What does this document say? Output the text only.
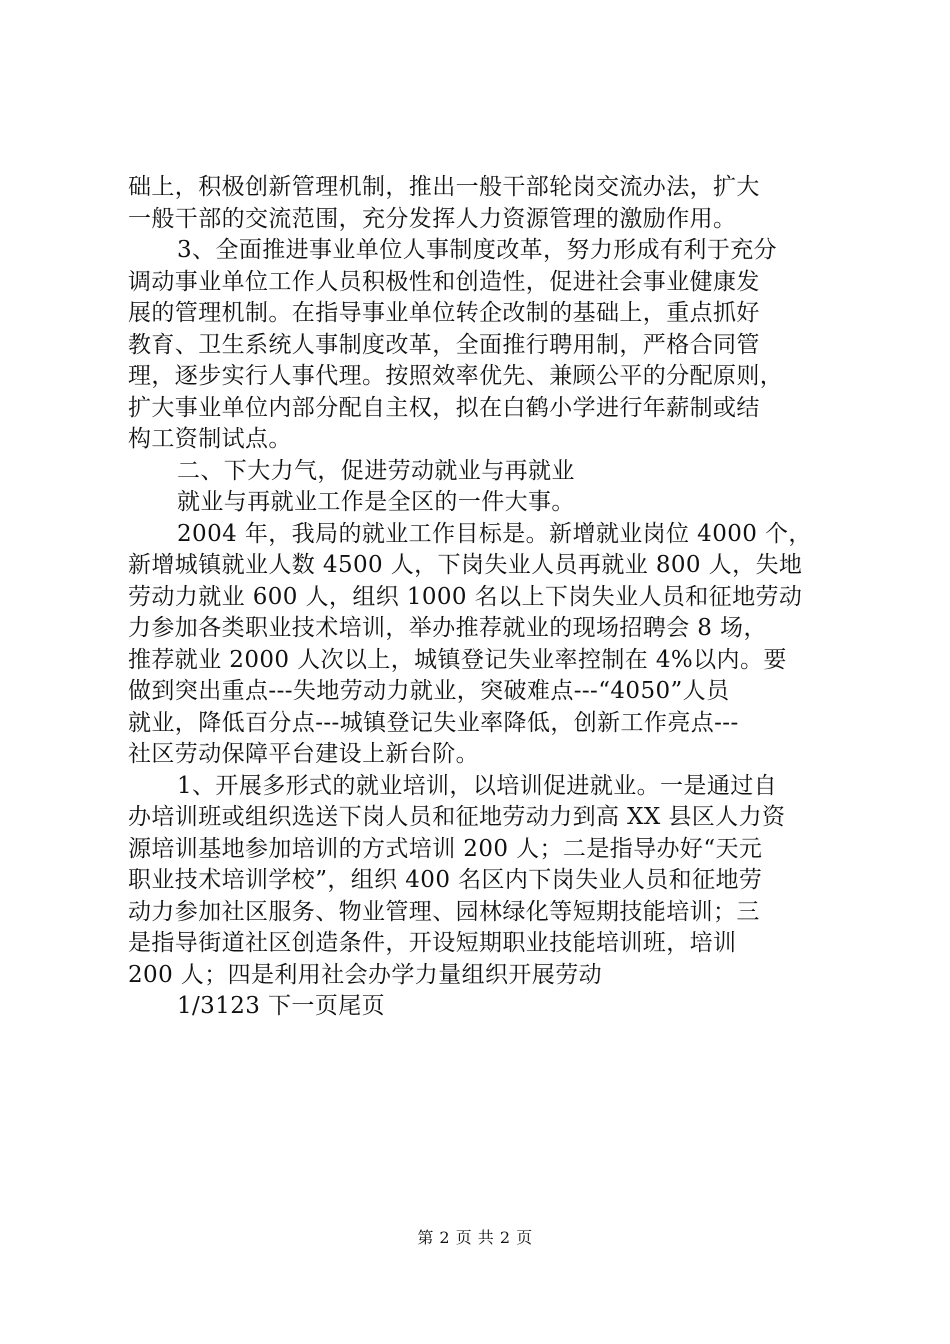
础上，积极创新管理机制，推出一般干部轮岗交流办法，扩大
一般干部的交流范围，充分发挥人力资源管理的激励作用。
3、全面推进事业单位人事制度改革，努力形成有利于充分
调动事业单位工作人员积极性和创造性，促进社会事业健康发
展的管理机制。在指导事业单位转企改制的基础上，重点抓好
教育、卫生系统人事制度改革，全面推行聘用制，严格合同管
理，逐步实行人事代理。按照效率优先、兼顾公平的分配原则，
扩大事业单位内部分配自主权，拟在白鹤小学进行年薪制或结
构工资制试点。
二、下大力气，促进劳动就业与再就业
就业与再就业工作是全区的一件大事。
2004 年，我局的就业工作目标是。新增就业岗位 4000 个，
新增城镇就业人数 4500 人，下岗失业人员再就业 800 人，失地
劳动力就业 600 人，组织 1000 名以上下岗失业人员和征地劳动
力参加各类职业技术培训，举办推荐就业的现场招聘会 8 场，
推荐就业 2000 人次以上，城镇登记失业率控制在 4%以内。要
做到突出重点---失地劳动力就业，突破难点---“4050”人员
就业，降低百分点---城镇登记失业率降低，创新工作亮点---
社区劳动保障平台建设上新台阶。
1、开展多形式的就业培训，以培训促进就业。一是通过自
办培训班或组织选送下岗人员和征地劳动力到高 XX 县区人力资
源培训基地参加培训的方式培训 200 人；二是指导办好“天元
职业技术培训学校”，组织 400 名区内下岗失业人员和征地劳
动力参加社区服务、物业管理、园林绿化等短期技能培训；三
是指导街道社区创造条件，开设短期职业技能培训班，培训
200 人；四是利用社会办学力量组织开展劳动
1/3123 下一页尾页
第 2 页 共 2 页
